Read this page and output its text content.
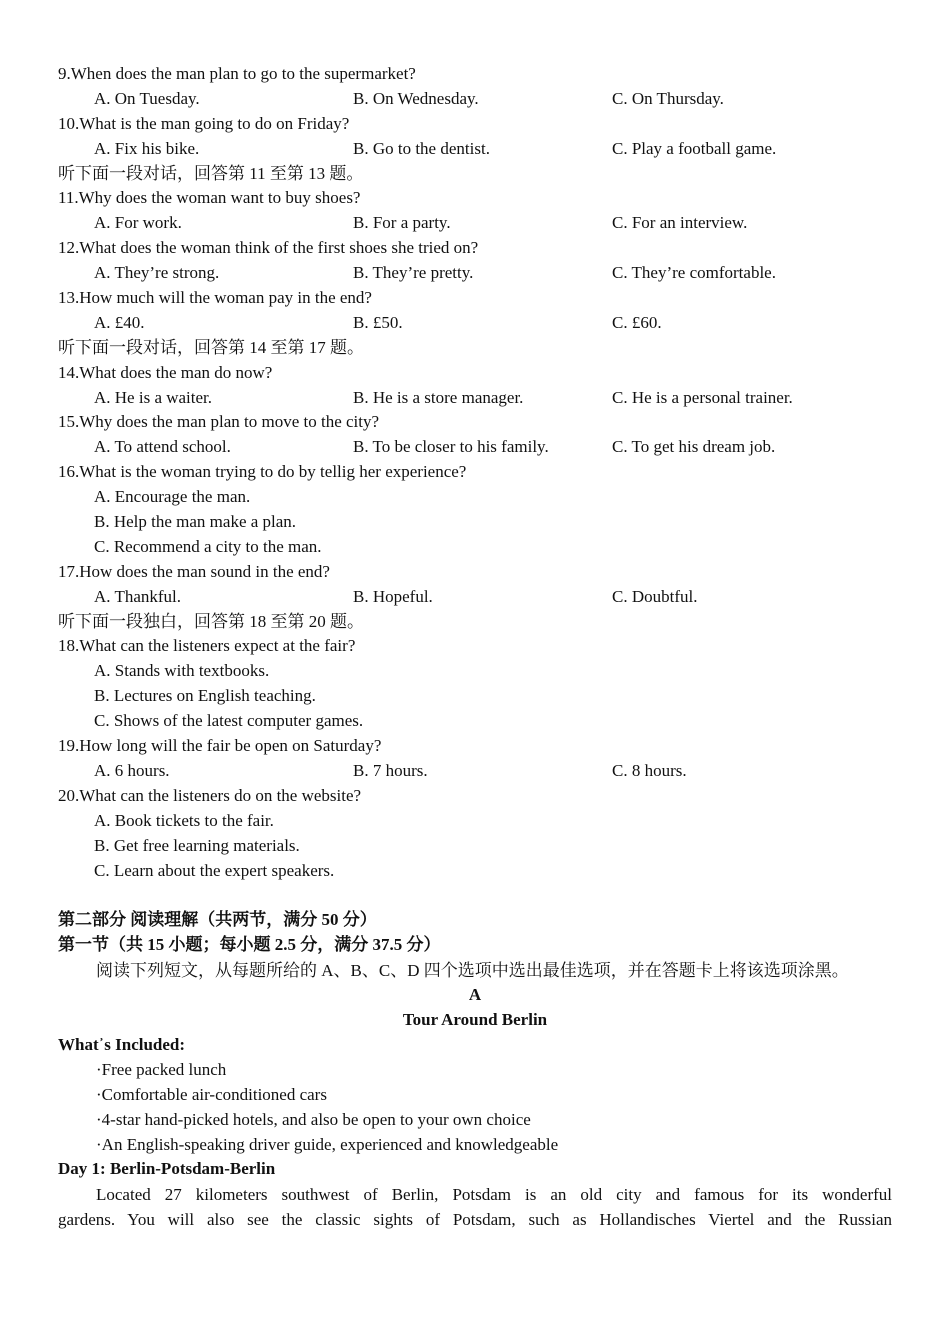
9.When does the man plan to go to the supermarket?
A. On Tuesday.	B. On Wednesday.	C. On Thursday.
10.What is the man going to do on Friday?
A. Fix his bike.	B. Go to the dentist.	C. Play a football game.
听下面一段对话，回答第 11 至第 13 题。
11.Why does the woman want to buy shoes?
A. For work.	B. For a party.	C. For an interview.
12.What does the woman think of the first shoes she tried on?
A. They’re strong.	B. They’re pretty.	C. They’re comfortable.
13.How much will the woman pay in the end?
A. £40.	B. £50.	C. £60.
听下面一段对话，回答第 14 至第 17 题。
14.What does the man do now?
A. He is a waiter.	B. He is a store manager.	C. He is a personal trainer.
15.Why does the man plan to move to the city?
A. To attend school.	B. To be closer to his family.	C. To get his dream job.
16.What is the woman trying to do by tellig her experience?
A. Encourage the man.
B. Help the man make a plan.
C. Recommend a city to the man.
17.How does the man sound in the end?
A. Thankful.	B. Hopeful.	C. Doubtful.
听下面一段独白，回答第 18 至第 20 题。
18.What can the listeners expect at the fair?
A. Stands with textbooks.
B. Lectures on English teaching.
C. Shows of the latest computer games.
19.How long will the fair be open on Saturday?
A. 6 hours.	B. 7 hours.	C. 8 hours.
20.What can the listeners do on the website?
A. Book tickets to the fair.
B. Get free learning materials.
C. Learn about the expert speakers.
第二部分 阅读理解（共两节，满分 50 分）
第一节（共 15 小题；每小题 2.5 分，满分 37.5 分）
阅读下列短文，从每题所给的 A、B、C、D 四个选项中选出最佳选项，并在答题卡上将该选项涂黑。
A
Tour Around Berlin
What᾿s Included:
·Free packed lunch
·Comfortable air-conditioned cars
·4-star hand-picked hotels, and also be open to your own choice
·An English-speaking driver guide, experienced and knowledgeable
Day 1: Berlin-Potsdam-Berlin
Located 27 kilometers southwest of Berlin, Potsdam is an old city and famous for its wonderful
gardens. You will also see the classic sights of Potsdam, such as Hollandisches Viertel and the Russian
